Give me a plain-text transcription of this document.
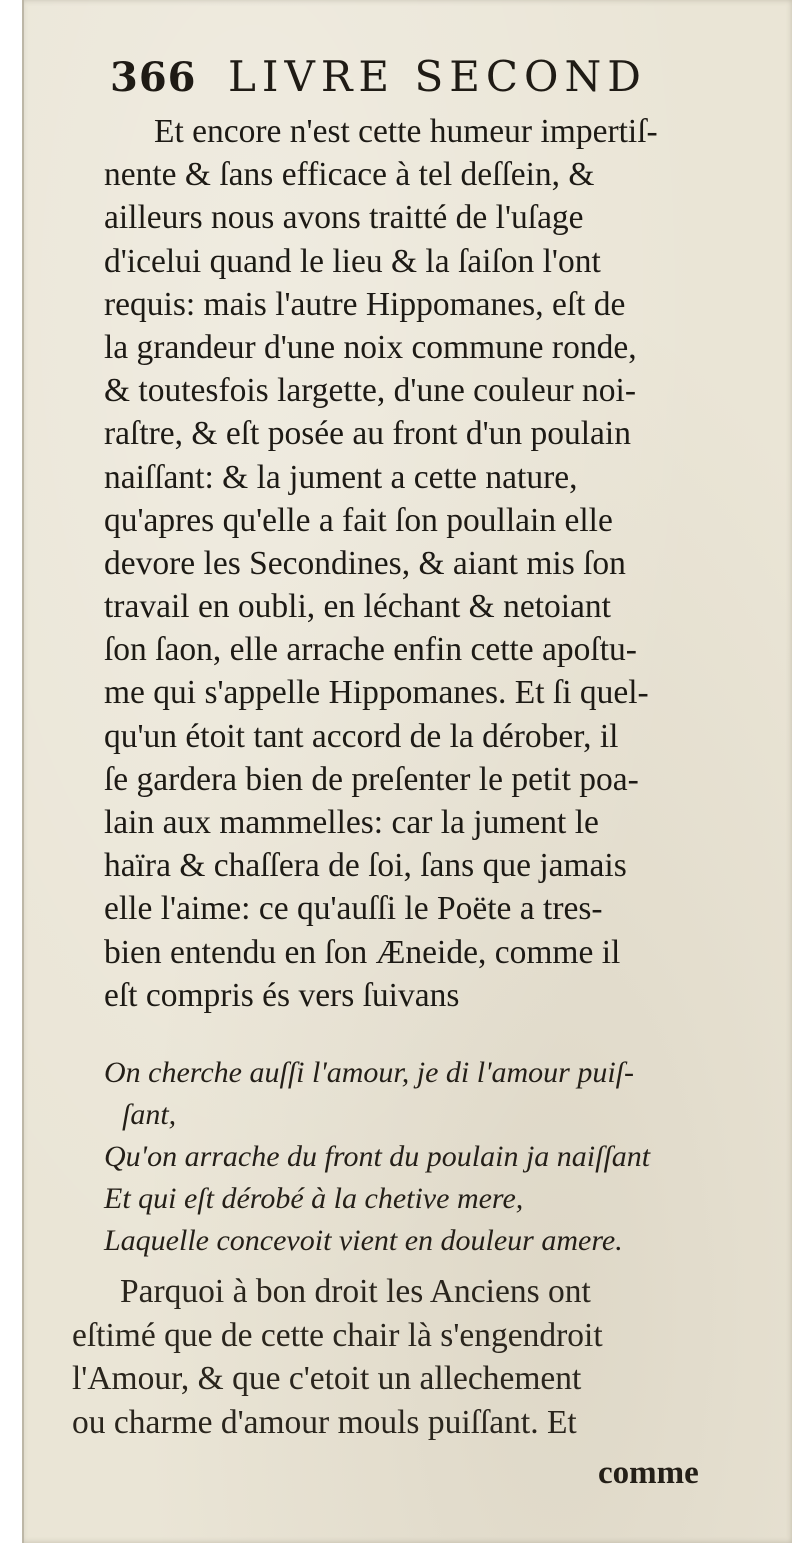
366 LIVRE SECOND
Et encore n'est cette humeur impertiſ-
nente & ſans efficace à tel deſſein, &
ailleurs nous avons traitté de l'uſage
d'icelui quand le lieu & la ſaiſon l'ont
requis: mais l'autre Hippomanes, eſt de
la grandeur d'une noix commune ronde,
& toutesfois largette, d'une couleur noi-
raſtre, & eſt posée au front d'un poulain
naiſſant: & la jument a cette nature,
qu'apres qu'elle a fait ſon poullain elle
devore les Secondines, & aiant mis ſon
travail en oubli, en léchant & netoiant
ſon ſaon, elle arrache enfin cette apoſtu-
me qui s'appelle Hippomanes. Et ſi quel-
qu'un étoit tant accord de la dérober, il
ſe gardera bien de preſenter le petit poa-
lain aux mammelles: car la jument le
haïra & chaſſera de ſoi, ſans que jamais
elle l'aime: ce qu'auſſi le Poëte a tres-
bien entendu en ſon Æneide, comme il
eſt compris és vers ſuivans
On cherche auſſi l'amour, je di l'amour puiſ-
ſant,
Qu'on arrache du front du poulain ja naiſſant
Et qui eſt dérobé à la chetive mere,
Laquelle concevoit vient en douleur amere.
Parquoi à bon droit les Anciens ont
eſtimé que de cette chair là s'engendroit
l'Amour, & que c'etoit un allechement
ou charme d'amour mouls puiſſant. Et
comme
